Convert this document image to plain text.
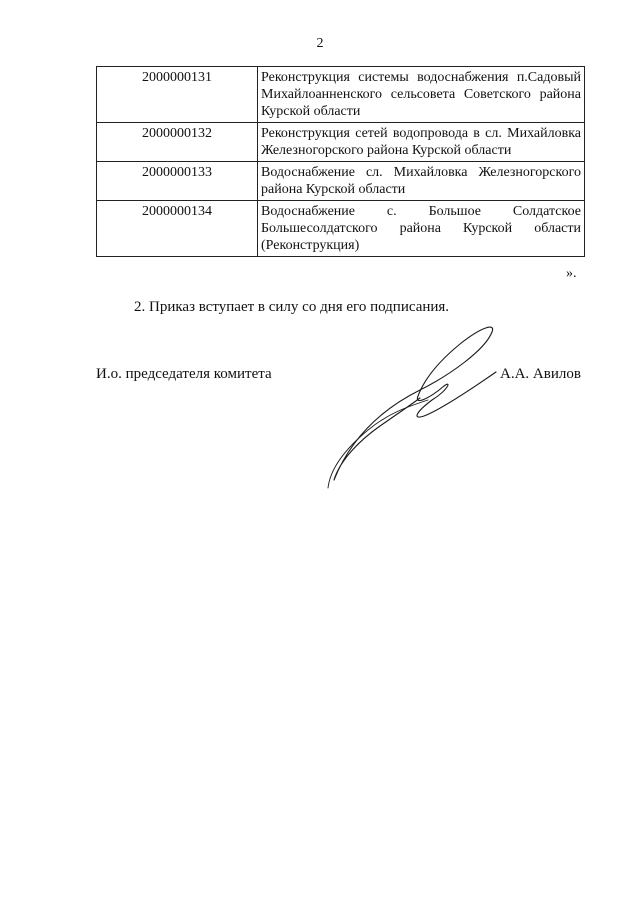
2
2000000131	Реконструкция системы водоснабжения п.Садовый Михайлоанненского сельсовета Советского района Курской области
2000000132	Реконструкция сетей водопровода в сл. Михайловка Железногорского района Курской области
2000000133	Водоснабжение сл. Михайловка Железногорского района Курской области
2000000134	Водоснабжение с. Большое Солдатское Большесолдатского района Курской области (Реконструкция)
».
2. Приказ вступает в силу со дня его подписания.
И.о. председателя комитета	А.А. Авилов
